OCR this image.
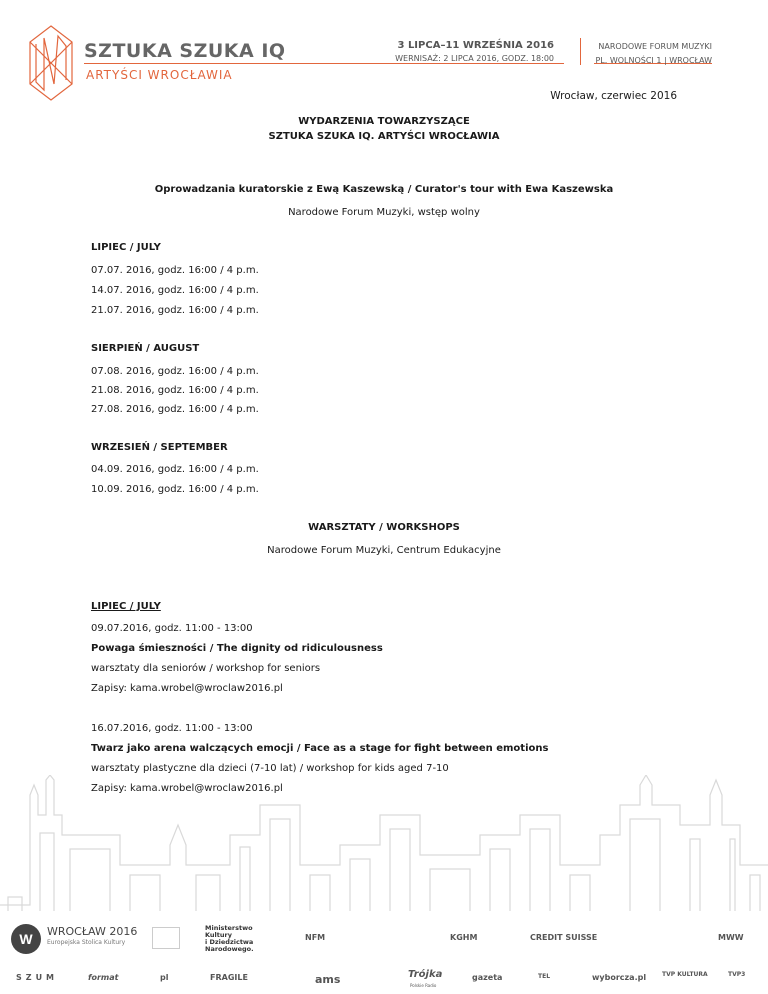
SZTUKA SZUKA IQ
ARTYŚCI WROCŁAWIA
3 LIPCA–11 WRZEŚNIA 2016
WERNISAŻ: 2 LIPCA 2016, GODZ. 18:00
NARODOWE FORUM MUZYKI
PL. WOLNOŚCI 1 | WROCŁAW
Wrocław, czerwiec 2016
WYDARZENIA TOWARZYSZĄCE
SZTUKA SZUKA IQ. ARTYŚCI WROCŁAWIA
Oprowadzania kuratorskie z Ewą Kaszewską / Curator's tour with Ewa Kaszewska
Narodowe Forum Muzyki, wstęp wolny
LIPIEC / JULY
07.07. 2016, godz. 16:00 / 4 p.m.
14.07. 2016, godz. 16:00 / 4 p.m.
21.07. 2016, godz. 16:00 / 4 p.m.
SIERPIEŃ / AUGUST
07.08. 2016, godz. 16:00 / 4 p.m.
21.08. 2016, godz. 16:00 / 4 p.m.
27.08. 2016, godz. 16:00 / 4 p.m.
WRZESIEŃ / SEPTEMBER
04.09. 2016, godz. 16:00 / 4 p.m.
10.09. 2016, godz. 16:00 / 4 p.m.
WARSZTATY / WORKSHOPS
Narodowe Forum Muzyki, Centrum Edukacyjne
LIPIEC / JULY
09.07.2016, godz. 11:00 - 13:00
Powaga śmieszności / The dignity od ridiculousness
warsztaty dla seniorów / workshop for seniors
Zapisy: kama.wrobel@wroclaw2016.pl
16.07.2016, godz. 11:00 - 13:00
Twarz jako arena walczących emocji / Face as a stage for fight between emotions
warsztaty plastyczne dla dzieci (7-10 lat) / workshop for kids aged 7-10
Zapisy: kama.wrobel@wroclaw2016.pl
W WROCŁAW 2016
Europejska Stolica Kultury
Ministerstwo
Kultury
i Dziedzictwa
Narodowego.
NFM	KGHM	CREDIT SUISSE	MWW
SZUM	format	pl	FRAGILE	ams	Trójka
Polskie Radio
gazeta	TEL	wyborcza.pl	TVP KULTURA	TVP3
